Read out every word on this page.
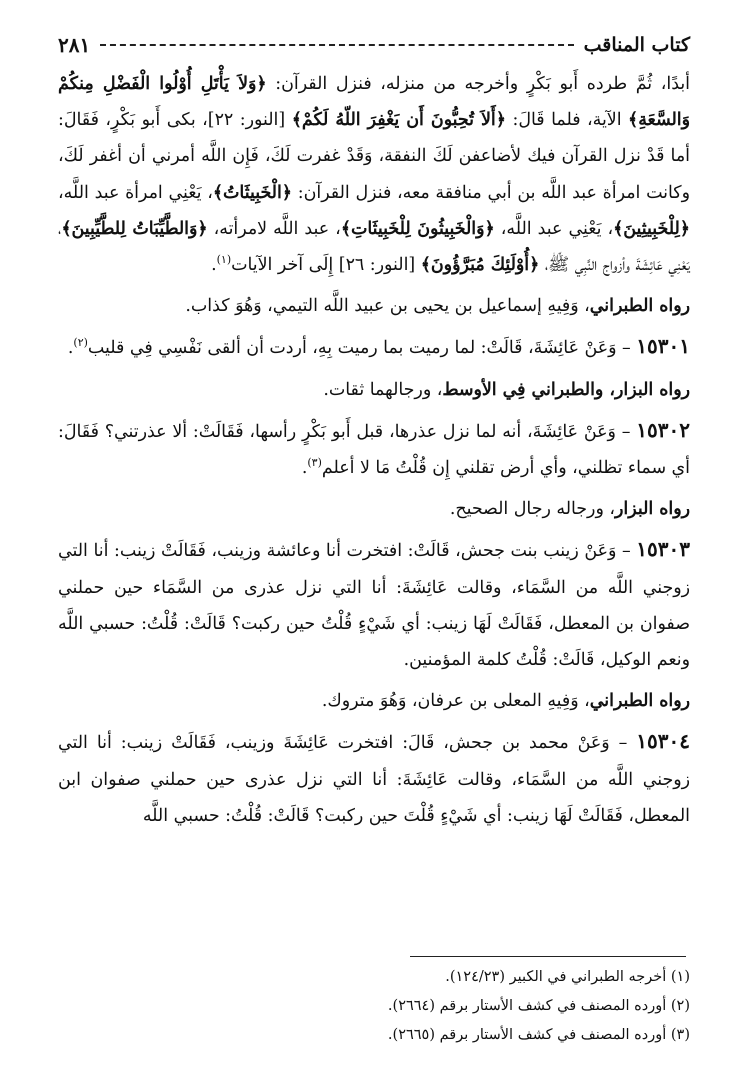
كتاب المناقب
٢٨١

أبدًا، ثُمَّ طرده أَبو بَكْرٍ وأخرجه من منزله، فنزل القرآن: ﴿وَلاَ يَأْتَلِ أُوْلُوا الْفَضْلِ مِنكُمْ وَالسَّعَةِ﴾ الآية، فلما قَالَ: ﴿أَلاَ تُحِبُّونَ أَن يَغْفِرَ اللّهُ لَكُمْ﴾ [النور: ٢٢]، بكى أَبو بَكْرٍ، فَقَالَ: أما قَدْ نزل القرآن فيك لأضاعفن لَكَ النفقة، وَقَدْ غفرت لَكَ، فَإِن اللَّه أمرني أن أغفر لَكَ، وكانت امرأة عبد اللَّه بن أبي منافقة معه، فنزل القرآن: ﴿الْخَبِيثَاتُ﴾، يَعْنِي امرأة عبد اللَّه، ﴿لِلْخَبِيثِينَ﴾، يَعْنِي عبد اللَّه، ﴿وَالْخَبِيثُونَ لِلْخَبِيثَاتِ﴾، عبد اللَّه لامرأته، ﴿وَالطَّيِّبَاتُ لِلطَّيِّبِينَ﴾، يَعْنِي عَائِشَةَ وأزواج النَّبِي ﷺ، ﴿أُوْلَئِكَ مُبَرَّؤُونَ﴾ [النور: ٢٦] إِلَى آخر الآيات$^{(١)}$.

رواه الطبراني، وَفِيهِ إسماعيل بن يحيى بن عبيد اللَّه التيمي، وَهُوَ كذاب.

١٥٣٠١ – وَعَنْ عَائِشَةَ، قَالَتْ: لما رميت بما رميت بِهِ، أردت أن ألقى نَفْسِي فِي قليب$^{(٢)}$.

رواه البزار، والطبراني فِي الأوسط، ورجالهما ثقات.

١٥٣٠٢ – وَعَنْ عَائِشَةَ، أنه لما نزل عذرها، قبل أَبو بَكْرٍ رأسها، فَقَالَتْ: ألا عذرتني؟ فَقَالَ: أي سماء تظلني، وأي أرض تقلني إِن قُلْتُ مَا لا أعلم$^{(٣)}$.

رواه البزار، ورجاله رجال الصحيح.

١٥٣٠٣ – وَعَنْ زينب بنت جحش، قَالَتْ: افتخرت أنا وعائشة وزينب، فَقَالَتْ زينب: أنا التي زوجني اللَّه من السَّمَاء، وقالت عَائِشَةَ: أنا التي نزل عذرى من السَّمَاء حين حملني صفوان بن المعطل، فَقَالَتْ لَهَا زينب: أي شَيْءٍ قُلْتُ حين ركبت؟ قَالَتْ: قُلْتُ: حسبي اللَّه ونعم الوكيل، قَالَتْ: قُلْتُ كلمة المؤمنين.

رواه الطبراني، وَفِيهِ المعلى بن عرفان، وَهُوَ متروك.

١٥٣٠٤ – وَعَنْ محمد بن جحش، قَالَ: افتخرت عَائِشَةَ وزينب، فَقَالَتْ زينب: أنا التي زوجني اللَّه من السَّمَاء، وقالت عَائِشَةَ: أنا التي نزل عذرى حين حملني صفوان ابن المعطل، فَقَالَتْ لَهَا زينب: أي شَيْءٍ قُلْتَ حين ركبت؟ قَالَتْ: قُلْتُ: حسبي اللَّه

(١) أخرجه الطبراني في الكبير (١٢٤/٢٣).

(٢) أورده المصنف في كشف الأستار برقم (٢٦٦٤).

(٣) أورده المصنف في كشف الأستار برقم (٢٦٦٥).
